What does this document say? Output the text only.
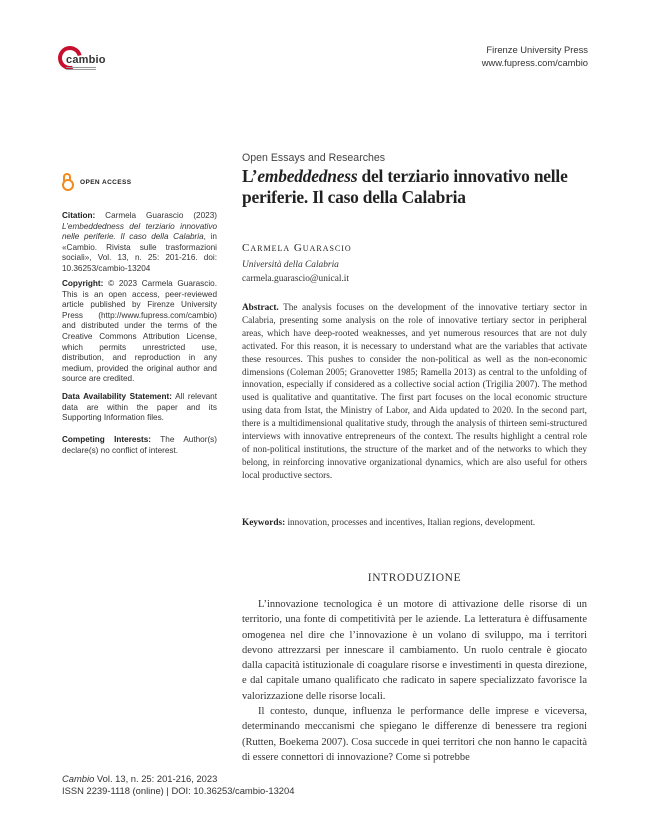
cambio
Firenze University Press
www.fupress.com/cambio
OPEN ACCESS
Citation: Carmela Guarascio (2023) L’embeddedness del terziario innovativo nelle periferie. Il caso della Calabria, in «Cambio. Rivista sulle trasformazioni sociali», Vol. 13, n. 25: 201-216. doi: 10.36253/cambio-13204
Copyright: © 2023 Carmela Guarascio. This is an open access, peer-reviewed article published by Firenze University Press (http://www.fupress.com/cambio) and distributed under the terms of the Creative Commons Attribution License, which permits unrestricted use, distribution, and reproduction in any medium, provided the original author and source are credited.
Data Availability Statement: All relevant data are within the paper and its Supporting Information files.
Competing Interests: The Author(s) declare(s) no conflict of interest.
Open Essays and Researches
L’embeddedness del terziario innovativo nelle periferie. Il caso della Calabria
Carmela Guarascio
Università della Calabria
carmela.guarascio@unical.it
Abstract. The analysis focuses on the development of the innovative tertiary sector in Calabria, presenting some analysis on the role of innovative tertiary sector in peripheral areas, which have deep-rooted weaknesses, and yet numerous resources that are not duly activated. For this reason, it is necessary to understand what are the variables that activate these resources. This pushes to consider the non-political as well as the non-economic dimensions (Coleman 2005; Granovetter 1985; Ramella 2013) as central to the unfolding of innovation, especially if considered as a collective social action (Trigilia 2007). The method used is qualitative and quantitative. The first part focuses on the local economic structure using data from Istat, the Ministry of Labor, and Aida updated to 2020. In the second part, there is a multidimensional qualitative study, through the analysis of thirteen semi-structured interviews with innovative entrepreneurs of the context. The results highlight a central role of non-political institutions, the structure of the market and of the networks to which they belong, in reinforcing innovative organizational dynamics, which are also useful for others local productive sectors.
Keywords: innovation, processes and incentives, Italian regions, development.
INTRODUZIONE

L’innovazione tecnologica è un motore di attivazione delle risorse di un territorio, una fonte di competitività per le aziende. La letteratura è diffusamente omogenea nel dire che l’innovazione è un volano di sviluppo, ma i territori devono attrezzarsi per innescare il cambiamento. Un ruolo centrale è giocato dalla capacità istituzionale di coagulare risorse e investimenti in questa direzione, e dal capitale umano qualificato che radicato in sapere specializzato favorisce la valorizzazione delle risorse locali.

Il contesto, dunque, influenza le performance delle imprese e viceversa, determinando meccanismi che spiegano le differenze di benessere tra regioni (Rutten, Boekema 2007). Cosa succede in quei territori che non hanno le capacità di essere connettori di innovazione? Come si potrebbe

Cambio Vol. 13, n. 25: 201-216, 2023
ISSN 2239-1118 (online) | DOI: 10.36253/cambio-13204
